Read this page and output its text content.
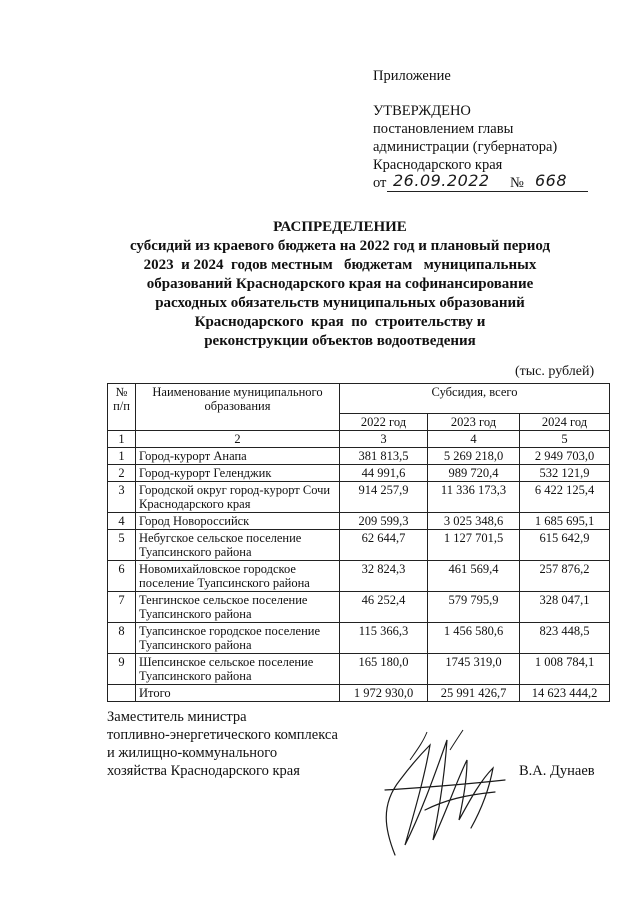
Приложение
УТВЕРЖДЕНО
постановлением главы
администрации (губернатора)
Краснодарского края
от 26.09.2022 № 668
РАСПРЕДЕЛЕНИЕ
субсидий из краевого бюджета на 2022 год и плановый период
2023  и 2024  годов местным   бюджетам   муниципальных
образований Краснодарского края на софинансирование
расходных обязательств муниципальных образований
Краснодарского  края  по  строительству и
реконструкции объектов водоотведения
(тыс. рублей)
№ п/п	Наименование муниципального образования	Субсидия, всего		
		2022 год	2023 год	2024 год
1	2	3	4	5
1	Город-курорт Анапа	381 813,5	5 269 218,0	2 949 703,0
2	Город-курорт Геленджик	44 991,6	989 720,4	532 121,9
3	Городской округ город-курорт Сочи Краснодарского края	914 257,9	11 336 173,3	6 422 125,4
4	Город Новороссийск	209 599,3	3 025 348,6	1 685 695,1
5	Небугское сельское поселение Туапсинского района	62 644,7	1 127 701,5	615 642,9
6	Новомихайловское городское поселение Туапсинского района	32 824,3	461 569,4	257 876,2
7	Тенгинское сельское поселение Туапсинского района	46 252,4	579 795,9	328 047,1
8	Туапсинское городское поселение Туапсинского района	115 366,3	1 456 580,6	823 448,5
9	Шепсинское сельское поселение Туапсинского района	165 180,0	1745 319,0	1 008 784,1
	Итого	1 972 930,0	25 991 426,7	14 623 444,2
Заместитель министра
топливно-энергетического комплекса
и жилищно-коммунального
хозяйства Краснодарского края	В.А. Дунаев
